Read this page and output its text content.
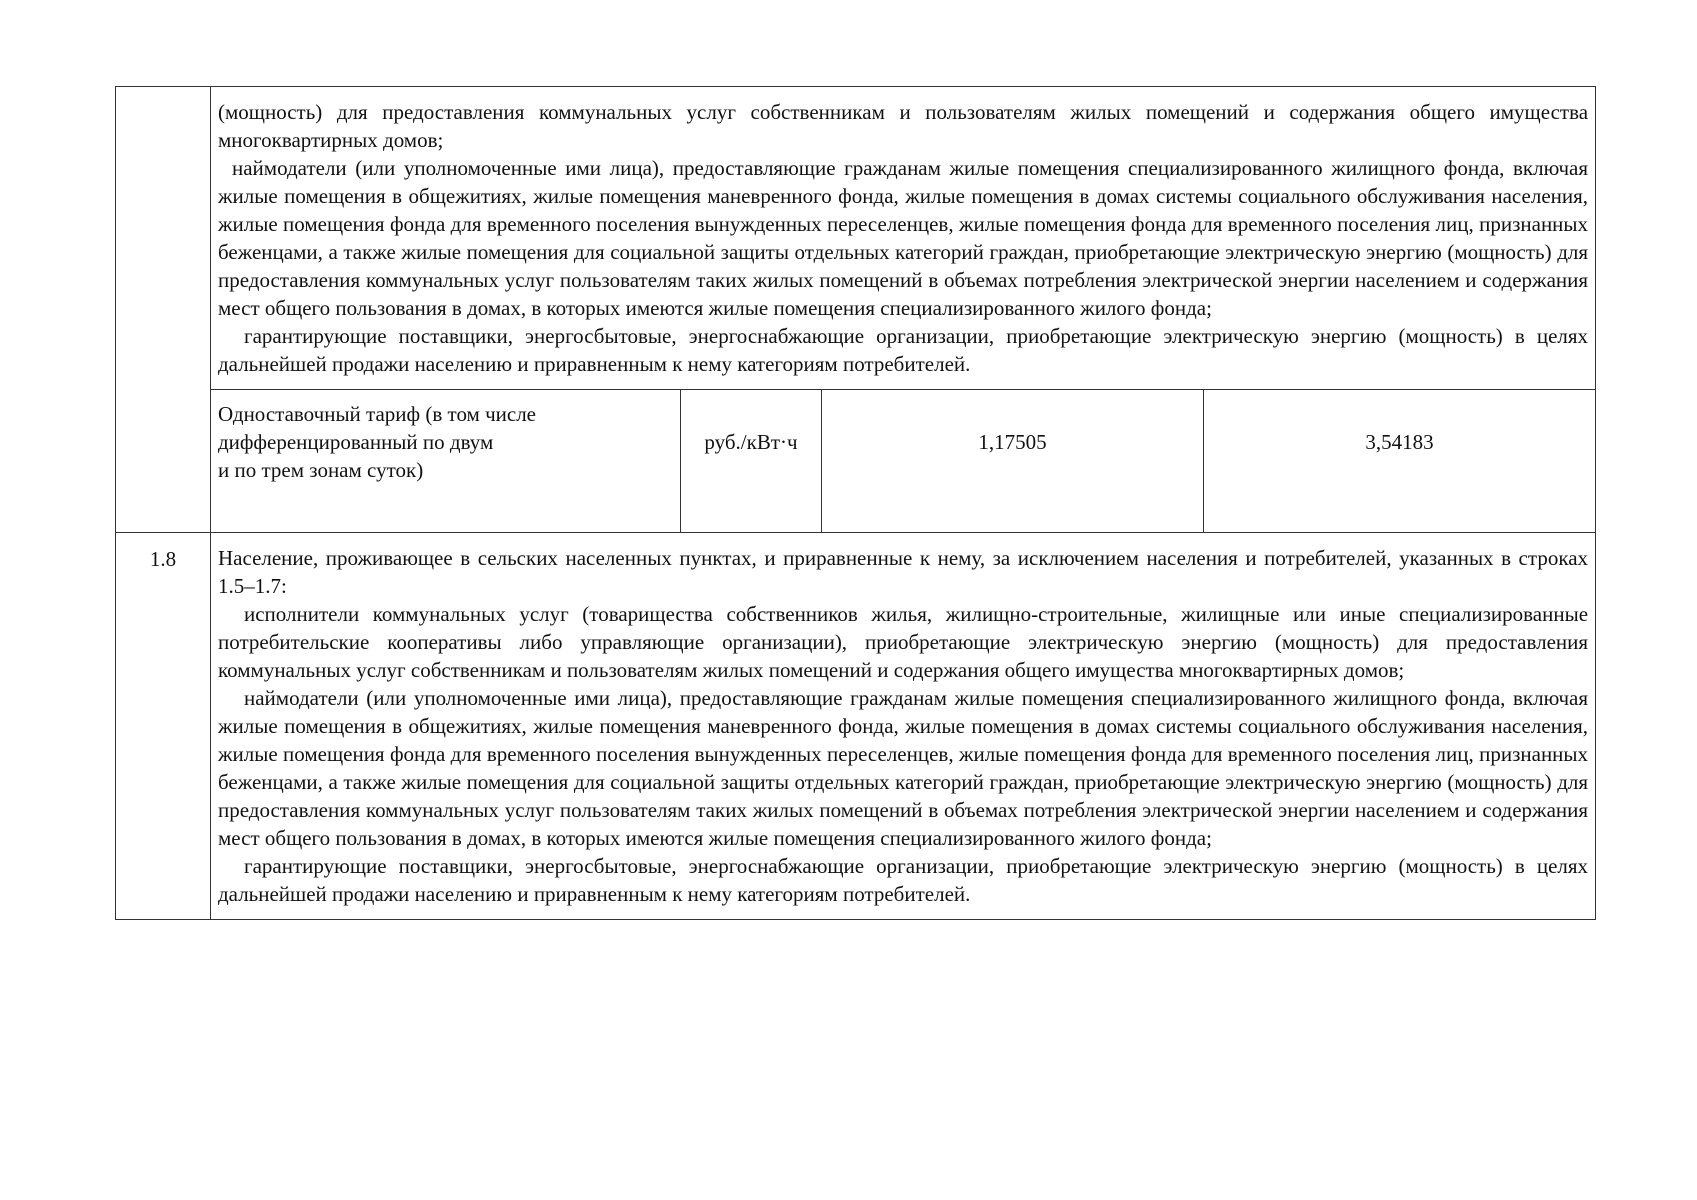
	(мощность) для предоставления коммунальных услуг собственникам и пользователям жилых помещений и содержания общего имущества многоквартирных домов;

наймодатели (или уполномоченные ими лица), предоставляющие гражданам жилые помещения специализированного жилищного фонда, включая жилые помещения в общежитиях, жилые помещения маневренного фонда, жилые помещения в домах системы социального обслуживания населения, жилые помещения фонда для временного поселения вынужденных переселенцев, жилые помещения фонда для временного поселения лиц, признанных беженцами, а также жилые помещения для социальной защиты отдельных категорий граждан, приобретающие электрическую энергию (мощность) для предоставления коммунальных услуг пользователям таких жилых помещений в объемах потребления электрической энергии населением и содержания мест общего пользования в домах, в которых имеются жилые помещения специализированного жилого фонда;

гарантирующие поставщики, энергосбытовые, энергоснабжающие организации, приобретающие электрическую энергию (мощность) в целях дальнейшей продажи населению и приравненным к нему категориям потребителей.			

	Одноставочный тариф (в том числе
дифференцированный по двум
и по трем зонам суток)	руб./кВт·ч	1,17505	3,54183

1.8	Население, проживающее в сельских населенных пунктах, и приравненные к нему, за исключением населения и потребителей, указанных в строках 1.5–1.7:

исполнители коммунальных услуг (товарищества собственников жилья, жилищно-строительные, жилищные или иные специализированные потребительские кооперативы либо управляющие организации), приобретающие электрическую энергию (мощность) для предоставления коммунальных услуг собственникам и пользователям жилых помещений и содержания общего имущества многоквартирных домов;

наймодатели (или уполномоченные ими лица), предоставляющие гражданам жилые помещения специализированного жилищного фонда, включая жилые помещения в общежитиях, жилые помещения маневренного фонда, жилые помещения в домах системы социального обслуживания населения, жилые помещения фонда для временного поселения вынужденных переселенцев, жилые помещения фонда для временного поселения лиц, признанных беженцами, а также жилые помещения для социальной защиты отдельных категорий граждан, приобретающие электрическую энергию (мощность) для предоставления коммунальных услуг пользователям таких жилых помещений в объемах потребления электрической энергии населением и содержания мест общего пользования в домах, в которых имеются жилые помещения специализированного жилого фонда;

гарантирующие поставщики, энергосбытовые, энергоснабжающие организации, приобретающие электрическую энергию (мощность) в целях дальнейшей продажи населению и приравненным к нему категориям потребителей.			
